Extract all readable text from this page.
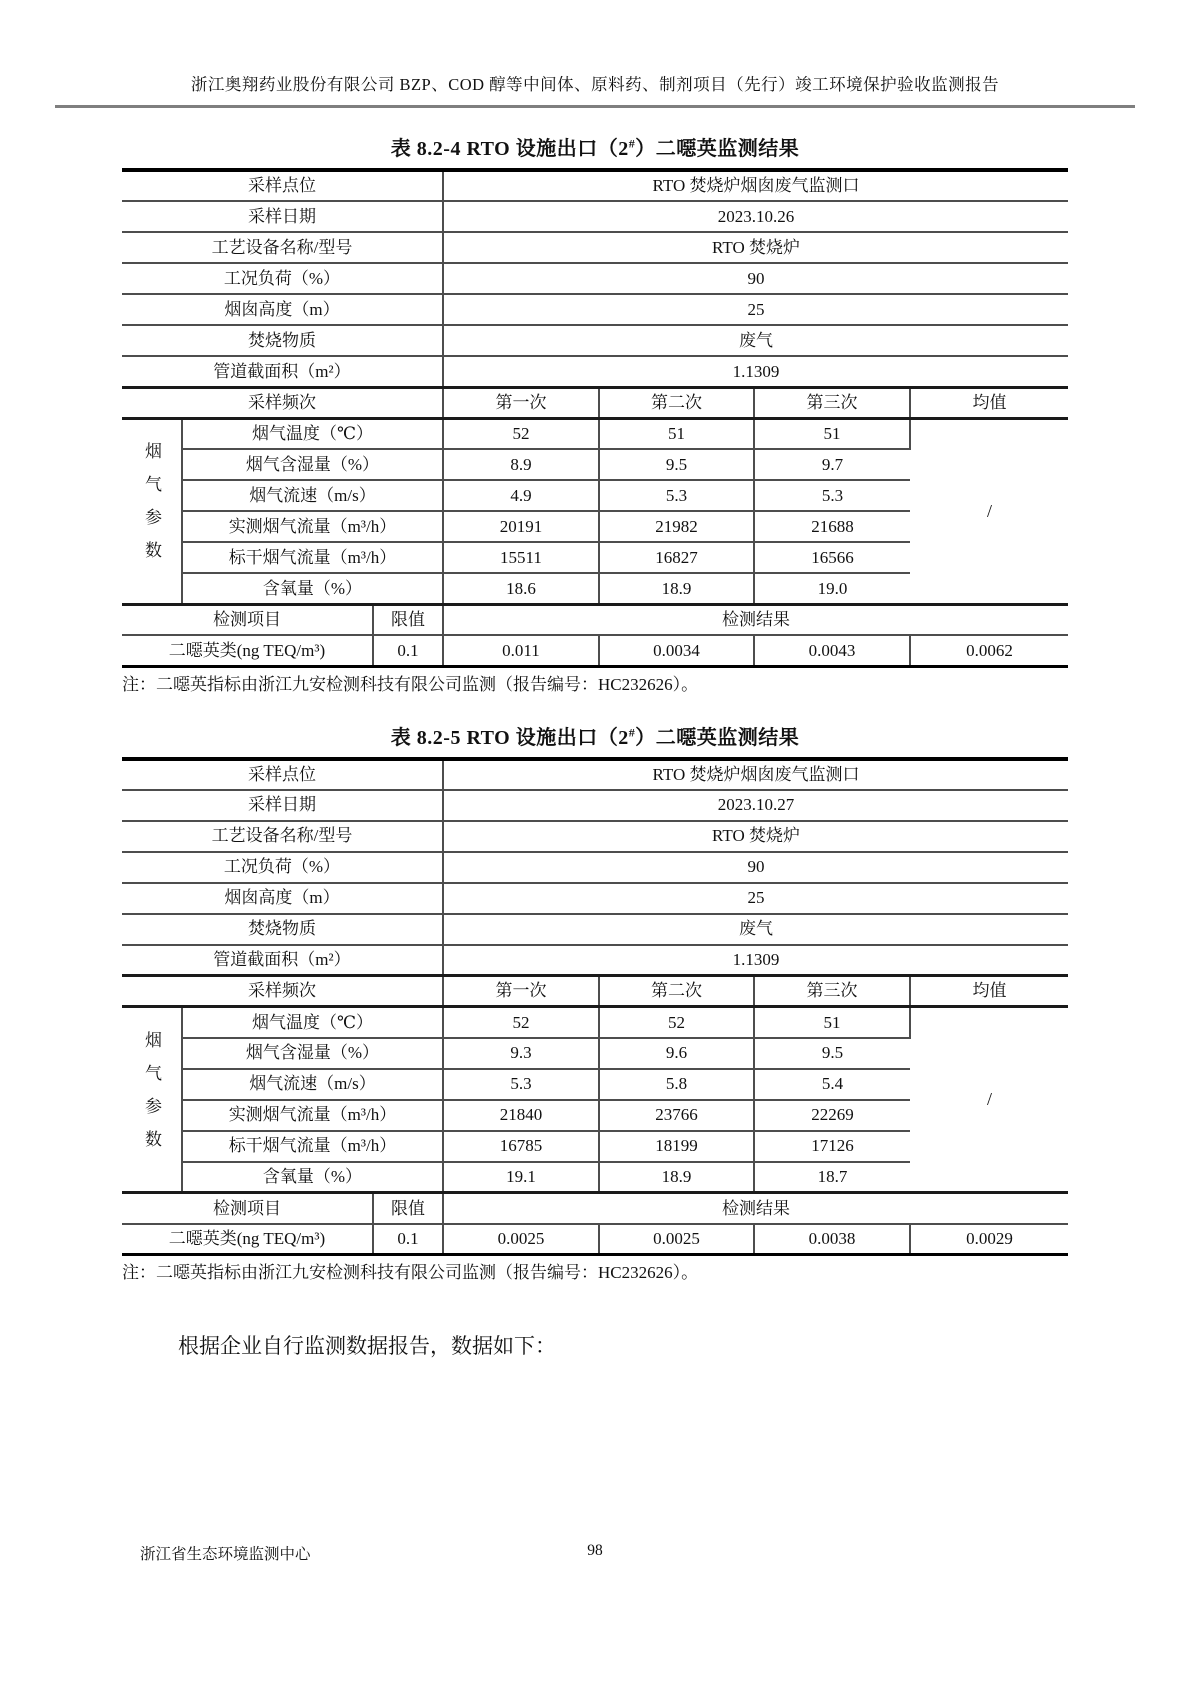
浙江奥翔药业股份有限公司 BZP、COD 醇等中间体、原料药、制剂项目（先行）竣工环境保护验收监测报告
表 8.2-4 RTO 设施出口（2#）二噁英监测结果
采样点位			RTO 焚烧炉烟囱废气监测口			
采样日期			2023.10.26			
工艺设备名称/型号			RTO 焚烧炉			
工况负荷（%）			90			
烟囱高度（m）			25			
焚烧物质			废气			
管道截面积（m²）			1.1309			
采样频次			第一次	第二次	第三次	均值
烟气参数	烟气温度（℃）		52	51	51	/
	烟气含湿量（%）		8.9	9.5	9.7	
	烟气流速（m/s）		4.9	5.3	5.3	
	实测烟气流量（m³/h）		20191	21982	21688	
	标干烟气流量（m³/h）		15511	16827	16566	
	含氧量（%）		18.6	18.9	19.0	
检测项目		限值	检测结果			
二噁英类(ng TEQ/m³)		0.1	0.011	0.0034	0.0043	0.0062
注：二噁英指标由浙江九安检测科技有限公司监测（报告编号：HC232626）。
表 8.2-5 RTO 设施出口（2#）二噁英监测结果
采样点位			RTO 焚烧炉烟囱废气监测口			
采样日期			2023.10.27			
工艺设备名称/型号			RTO 焚烧炉			
工况负荷（%）			90			
烟囱高度（m）			25			
焚烧物质			废气			
管道截面积（m²）			1.1309			
采样频次			第一次	第二次	第三次	均值
烟气参数	烟气温度（℃）		52	52	51	/
	烟气含湿量（%）		9.3	9.6	9.5	
	烟气流速（m/s）		5.3	5.8	5.4	
	实测烟气流量（m³/h）		21840	23766	22269	
	标干烟气流量（m³/h）		16785	18199	17126	
	含氧量（%）		19.1	18.9	18.7	
检测项目		限值	检测结果			
二噁英类(ng TEQ/m³)		0.1	0.0025	0.0025	0.0038	0.0029
注：二噁英指标由浙江九安检测科技有限公司监测（报告编号：HC232626）。
根据企业自行监测数据报告，数据如下：
98
浙江省生态环境监测中心
